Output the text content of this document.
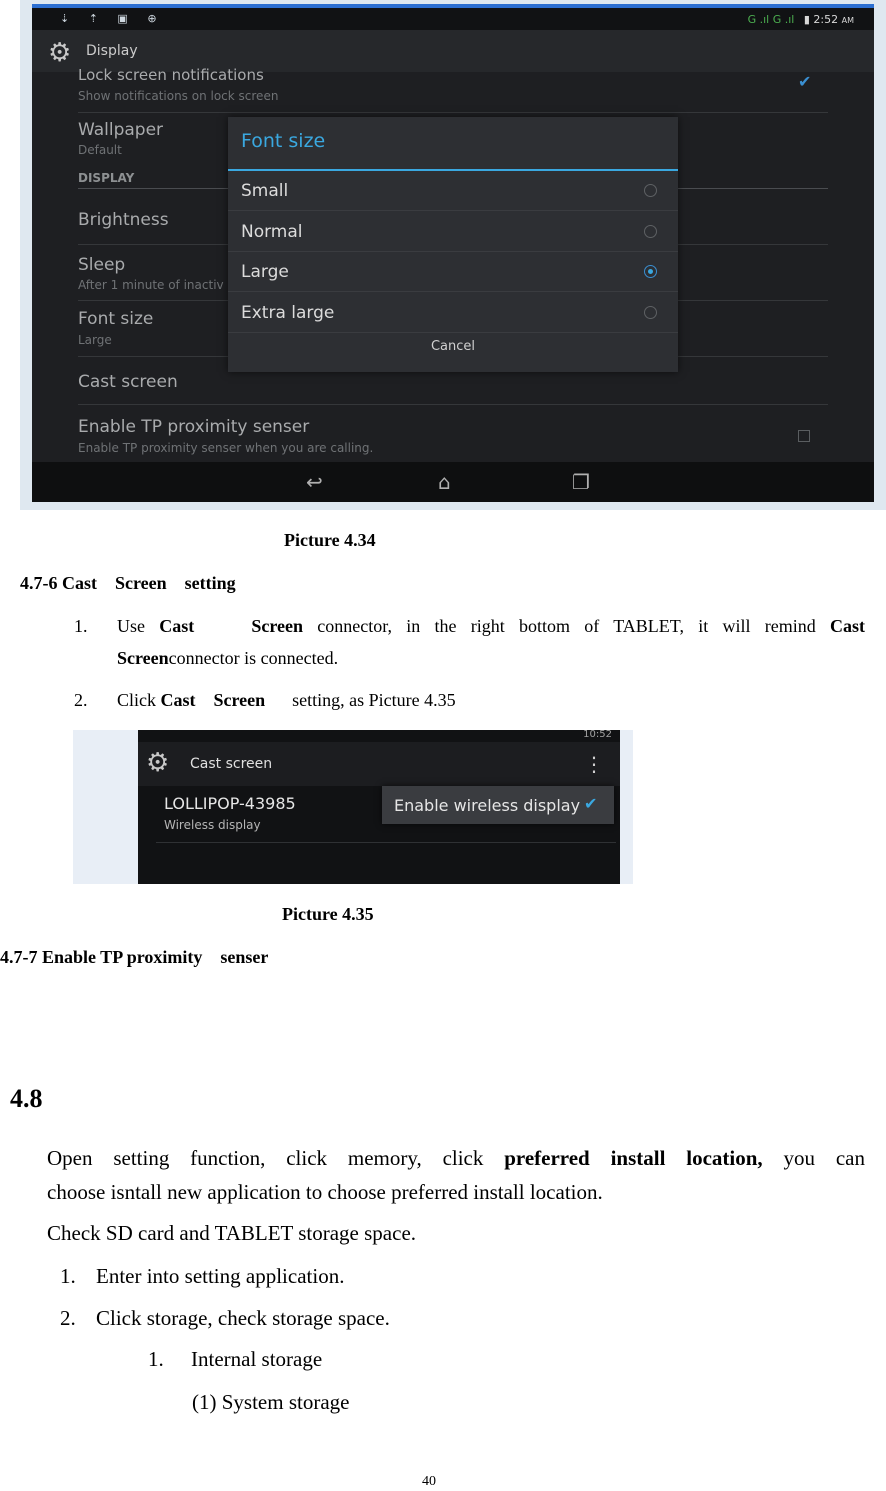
⇣ ⇡ ▣ ⊕	G .ıl G .ıl ▮ 2:52 AM
⚙ Display
Lock screen notifications
Show notifications on lock screen
✔
Wallpaper
Default
DISPLAY
Brightness
Sleep
After 1 minute of inactiv
Font size
Large
Cast screen
Enable TP proximity senser
Enable TP proximity senser when you are calling.
Font size
Small
Normal
Large
Extra large
Cancel
↩	⌂	❐
Picture 4.34
4.7-6 Cast    Screen    setting
1. Use Cast    Screen connector, in the right bottom of TABLET, it will remind Cast
Screenconnector is connected.
2. Click Cast    Screen      setting, as Picture 4.35
10:52
⚙ Cast screen	⋮
LOLLIPOP-43985
Wireless display
Enable wireless display ✔
Picture 4.35
4.7-7 Enable TP proximity    senser
4.8
Open setting function, click memory, click preferred install location, you can
choose isntall new application to choose preferred install location.
Check SD card and TABLET storage space.
1. Enter into setting application.
2. Click storage, check storage space.
1. Internal storage
(1) System storage
40
